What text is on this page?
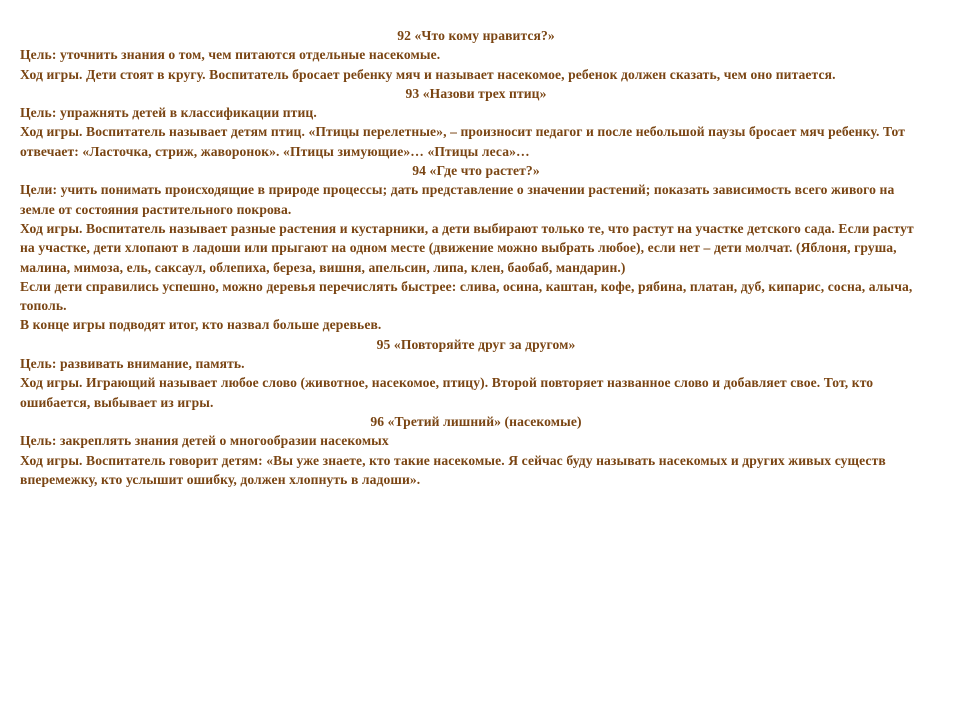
92 «Что кому нравится?»

Цель: уточнить знания о том, чем питаются отдельные насекомые.

Ход игры. Дети стоят в кругу. Воспитатель бросает ребенку мяч и называет насекомое, ребенок должен сказать, чем оно питается.

93 «Назови трех птиц»

Цель: упражнять детей в классификации птиц.

Ход игры. Воспитатель называет детям птиц. «Птицы перелетные», – произносит педагог и после небольшой паузы бросает мяч ребенку. Тот отвечает: «Ласточка, стриж, жаворонок». «Птицы зимующие»… «Птицы леса»…

94 «Где что растет?»

Цели: учить понимать происходящие в природе процессы; дать представление о значении растений; показать зависимость всего живого на земле от состояния растительного покрова.

Ход игры. Воспитатель называет разные растения и кустарники, а дети выбирают только те, что растут на участке детского сада. Если растут на участке, дети хлопают в ладоши или прыгают на одном месте (движение можно выбрать любое), если нет – дети молчат. (Яблоня, груша, малина, мимоза, ель, саксаул, облепиха, береза, вишня, апельсин, липа, клен, баобаб, мандарин.)

Если дети справились успешно, можно деревья перечислять быстрее: слива, осина, каштан, кофе, рябина, платан, дуб, кипарис, сосна, алыча, тополь.

В конце игры подводят итог, кто назвал больше деревьев.

95 «Повторяйте друг за другом»

Цель: развивать внимание, память.

Ход игры. Играющий называет любое слово (животное, насекомое, птицу). Второй повторяет названное слово и добавляет свое. Тот, кто ошибается, выбывает из игры.

96 «Третий лишний» (насекомые)

Цель: закреплять знания детей о многообразии насекомых

Ход игры. Воспитатель говорит детям: «Вы уже знаете, кто такие насекомые. Я сейчас буду называть насекомых и других живых существ вперемежку, кто услышит ошибку, должен хлопнуть в ладоши».
